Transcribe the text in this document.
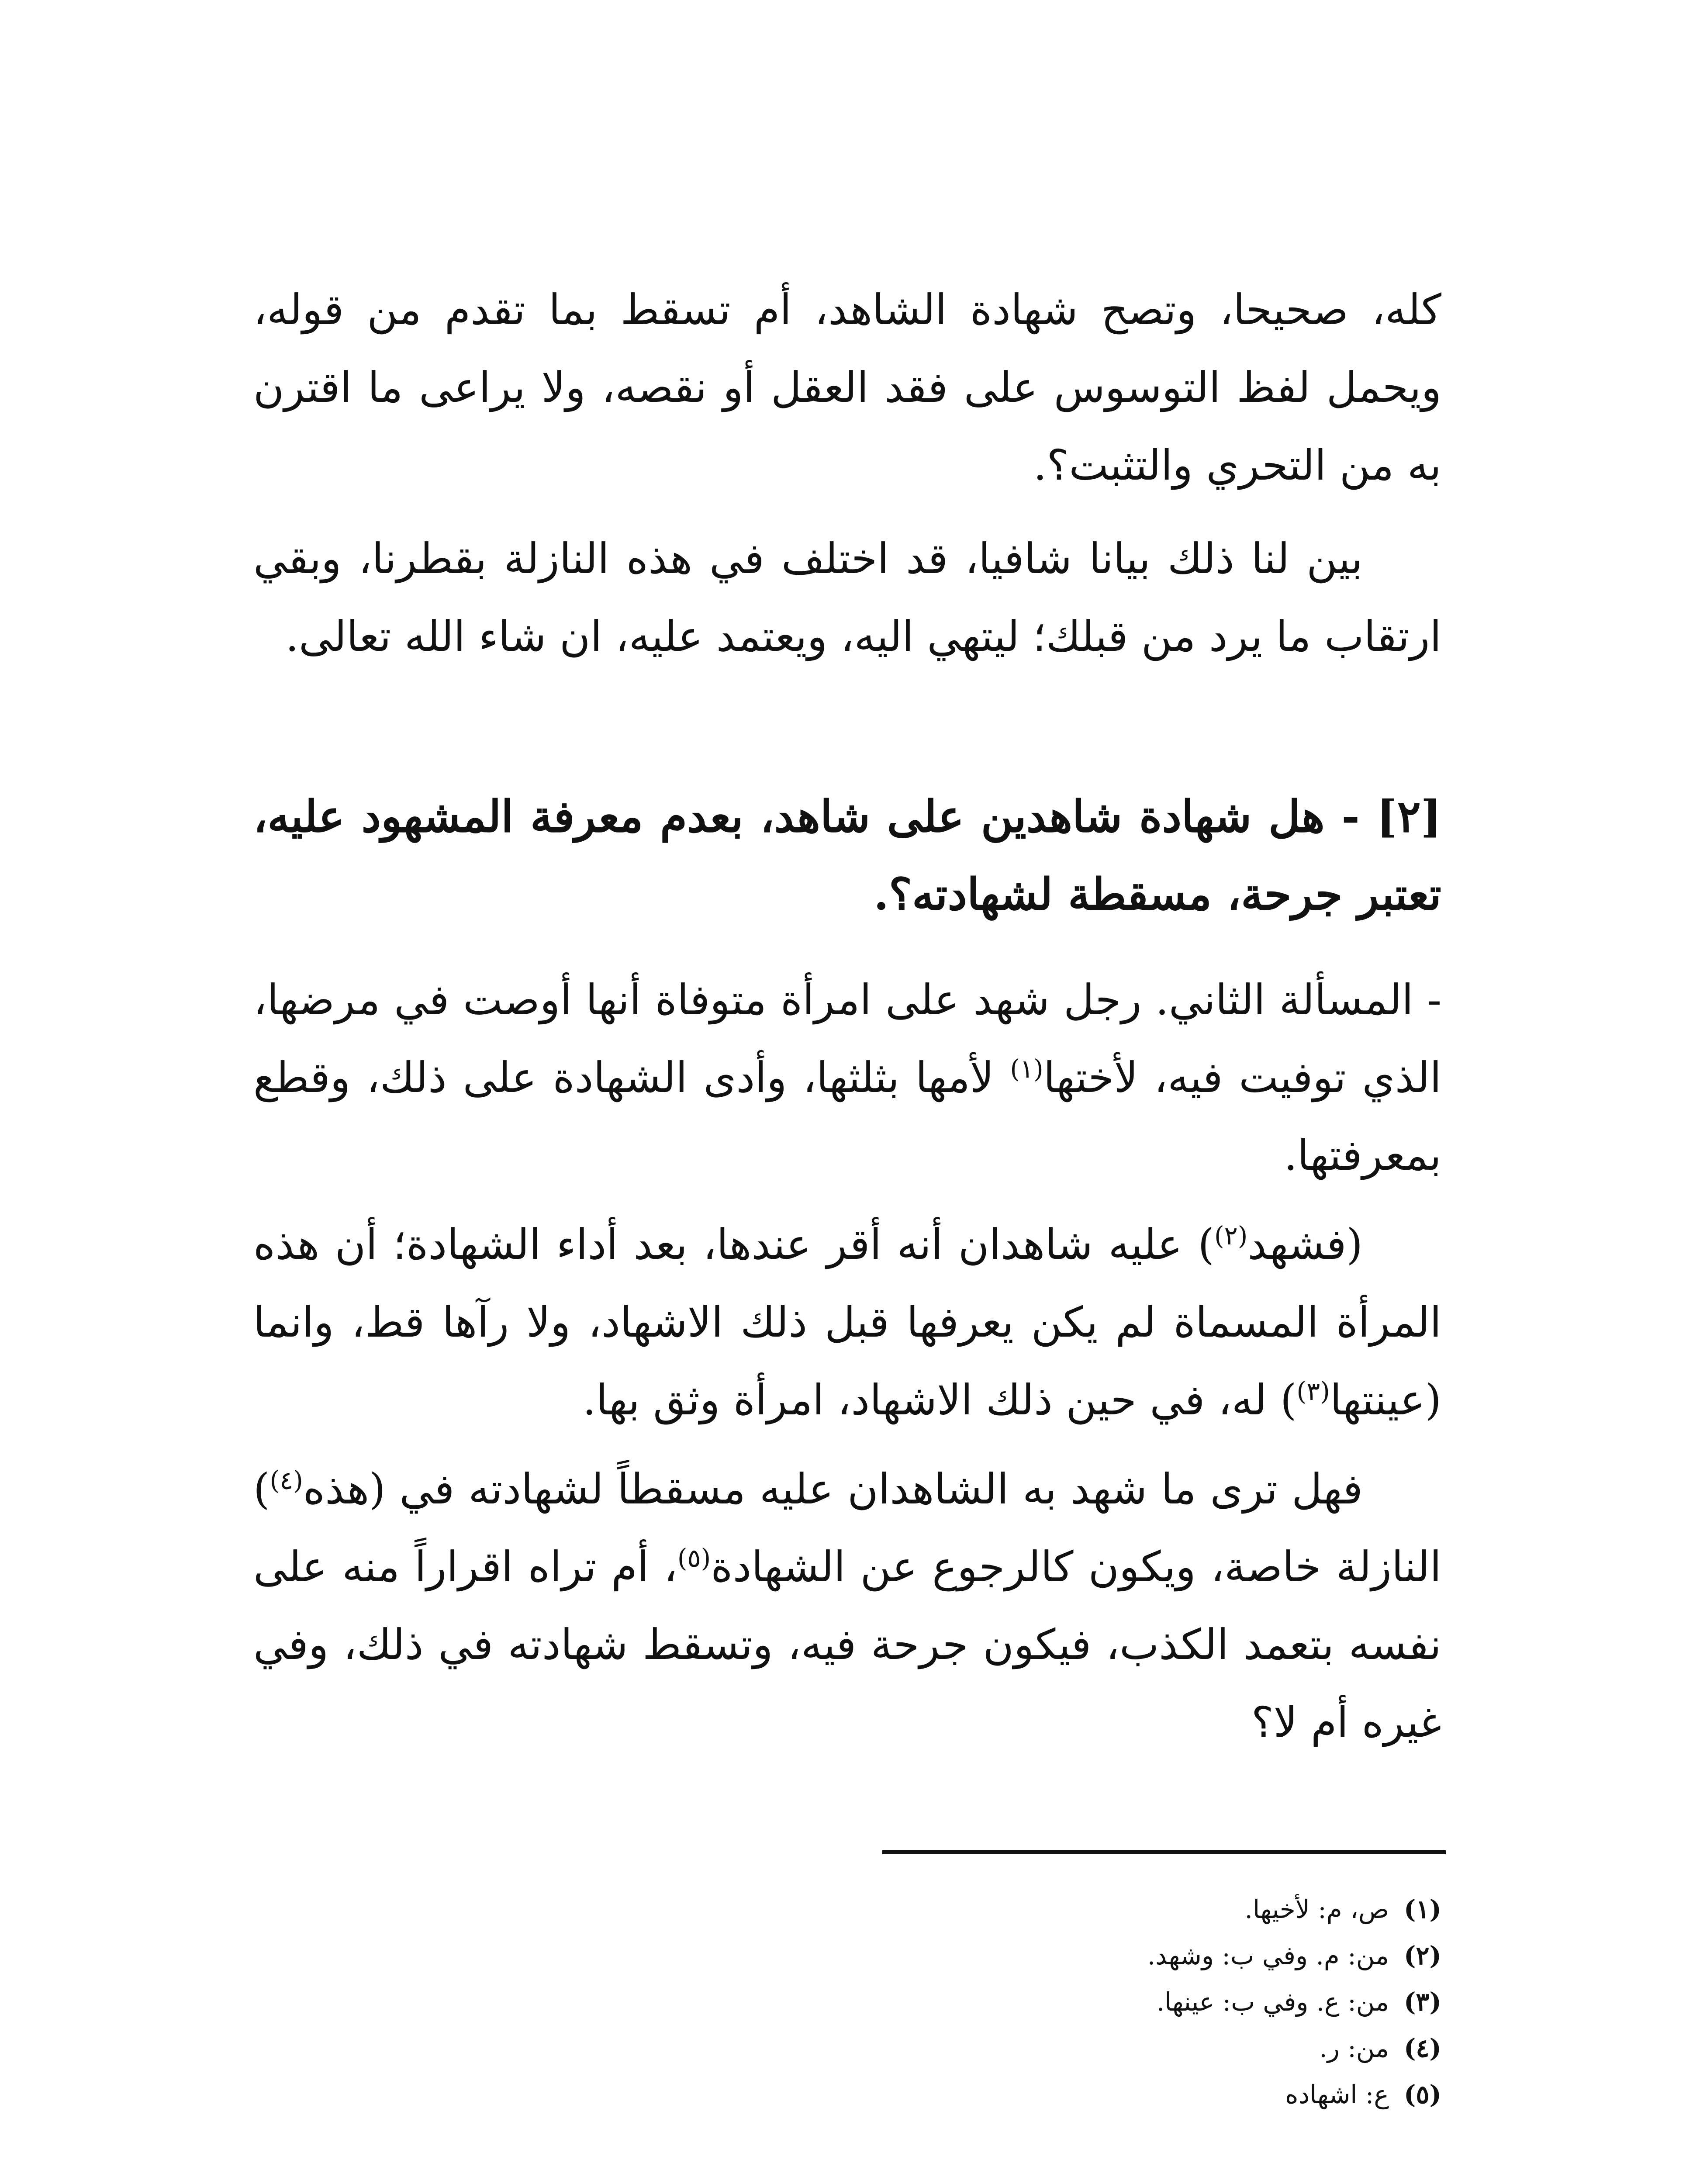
كله، صحيحا، وتصح شهادة الشاهد، أم تسقط بما تقدم من قوله، ويحمل لفظ التوسوس على فقد العقل أو نقصه، ولا يراعى ما اقترن به من التحري والتثبت؟.

بين لنا ذلك بيانا شافيا، قد اختلف في هذه النازلة بقطرنا، وبقي ارتقاب ما يرد من قبلك؛ ليتهي اليه، ويعتمد عليه، ان شاء الله تعالى.

[٢] - هل شهادة شاهدين على شاهد، بعدم معرفة المشهود عليه، تعتبر جرحة، مسقطة لشهادته؟.

- المسألة الثاني. رجل شهد على امرأة متوفاة أنها أوصت في مرضها، الذي توفيت فيه، لأختها$^{(١)}$ لأمها بثلثها، وأدى الشهادة على ذلك، وقطع بمعرفتها.

(فشهد$^{(٢)}$) عليه شاهدان أنه أقر عندها، بعد أداء الشهادة؛ أن هذه المرأة المسماة لم يكن يعرفها قبل ذلك الاشهاد، ولا رآها قط، وانما (عينتها$^{(٣)}$) له، في حين ذلك الاشهاد، امرأة وثق بها.

فهل ترى ما شهد به الشاهدان عليه مسقطاً لشهادته في (هذه$^{(٤)}$) النازلة خاصة، ويكون كالرجوع عن الشهادة$^{(٥)}$، أم تراه اقراراً منه على نفسه بتعمد الكذب، فيكون جرحة فيه، وتسقط شهادته في ذلك، وفي غيره أم لا؟

(١)ص، م: لأخيها.
(٢)من: م. وفي ب: وشهد.
(٣)من: ع. وفي ب: عينها.
(٤)من: ر.
(٥)ع: اشهاده
